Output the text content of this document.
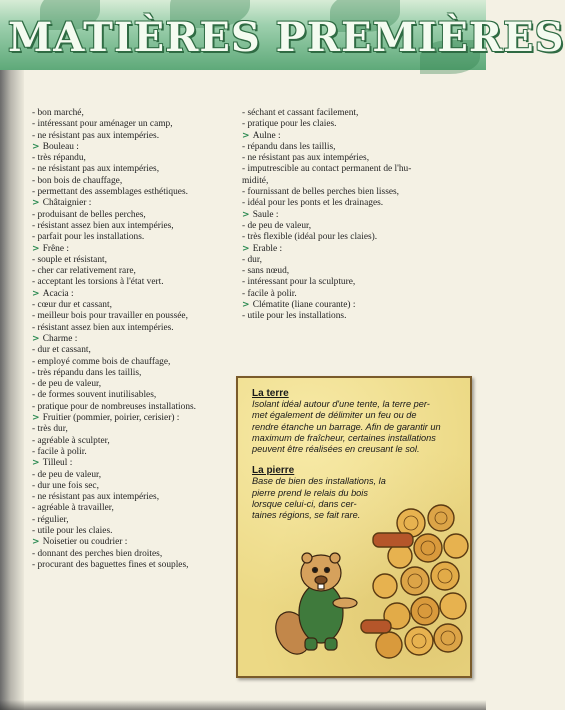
MATIÈRES PREMIÈRES
- bon marché,
- intéressant pour aménager un camp,
- ne résistant pas aux intempéries.
> Bouleau :
- très répandu,
- ne résistant pas aux intempéries,
- bon bois de chauffage,
- permettant des assemblages esthétiques.
> Châtaignier :
- produisant de belles perches,
- résistant assez bien aux intempéries,
- parfait pour les installations.
> Frêne :
- souple et résistant,
- cher car relativement rare,
- acceptant les torsions à l'état vert.
> Acacia :
- cœur dur et cassant,
- meilleur bois pour travailler en poussée,
- résistant assez bien aux intempéries.
> Charme :
- dur et cassant,
- employé comme bois de chauffage,
- très répandu dans les taillis,
- de peu de valeur,
- de formes souvent inutilisables,
- pratique pour de nombreuses installations.
> Fruitier (pommier, poirier, cerisier) :
- très dur,
- agréable à sculpter,
- facile à polir.
> Tilleul :
- de peu de valeur,
- dur une fois sec,
- ne résistant pas aux intempéries,
- agréable à travailler,
- régulier,
- utile pour les claies.
> Noisetier ou coudrier :
- donnant des perches bien droites,
- procurant des baguettes fines et souples,
- séchant et cassant facilement,
- pratique pour les claies.
> Aulne :
- répandu dans les taillis,
- ne résistant pas aux intempéries,
- imputrescible au contact permanent de l'hu-
midité,
- fournissant de belles perches bien lisses,
- idéal pour les ponts et les drainages.
> Saule :
- de peu de valeur,
- très flexible (idéal pour les claies).
> Erable :
- dur,
- sans nœud,
- intéressant pour la sculpture,
- facile à polir.
> Clématite (liane courante) :
- utile pour les installations.
La terre
Isolant idéal autour d'une tente, la terre per-
met également de délimiter un feu ou de
rendre étanche un barrage. Afin de garantir un
maximum de fraîcheur, certaines installations
peuvent être réalisées en creusant le sol.
La pierre
Base de bien des installations, la
pierre prend le relais du bois
lorsque celui-ci, dans cer-
taines régions, se fait rare.
